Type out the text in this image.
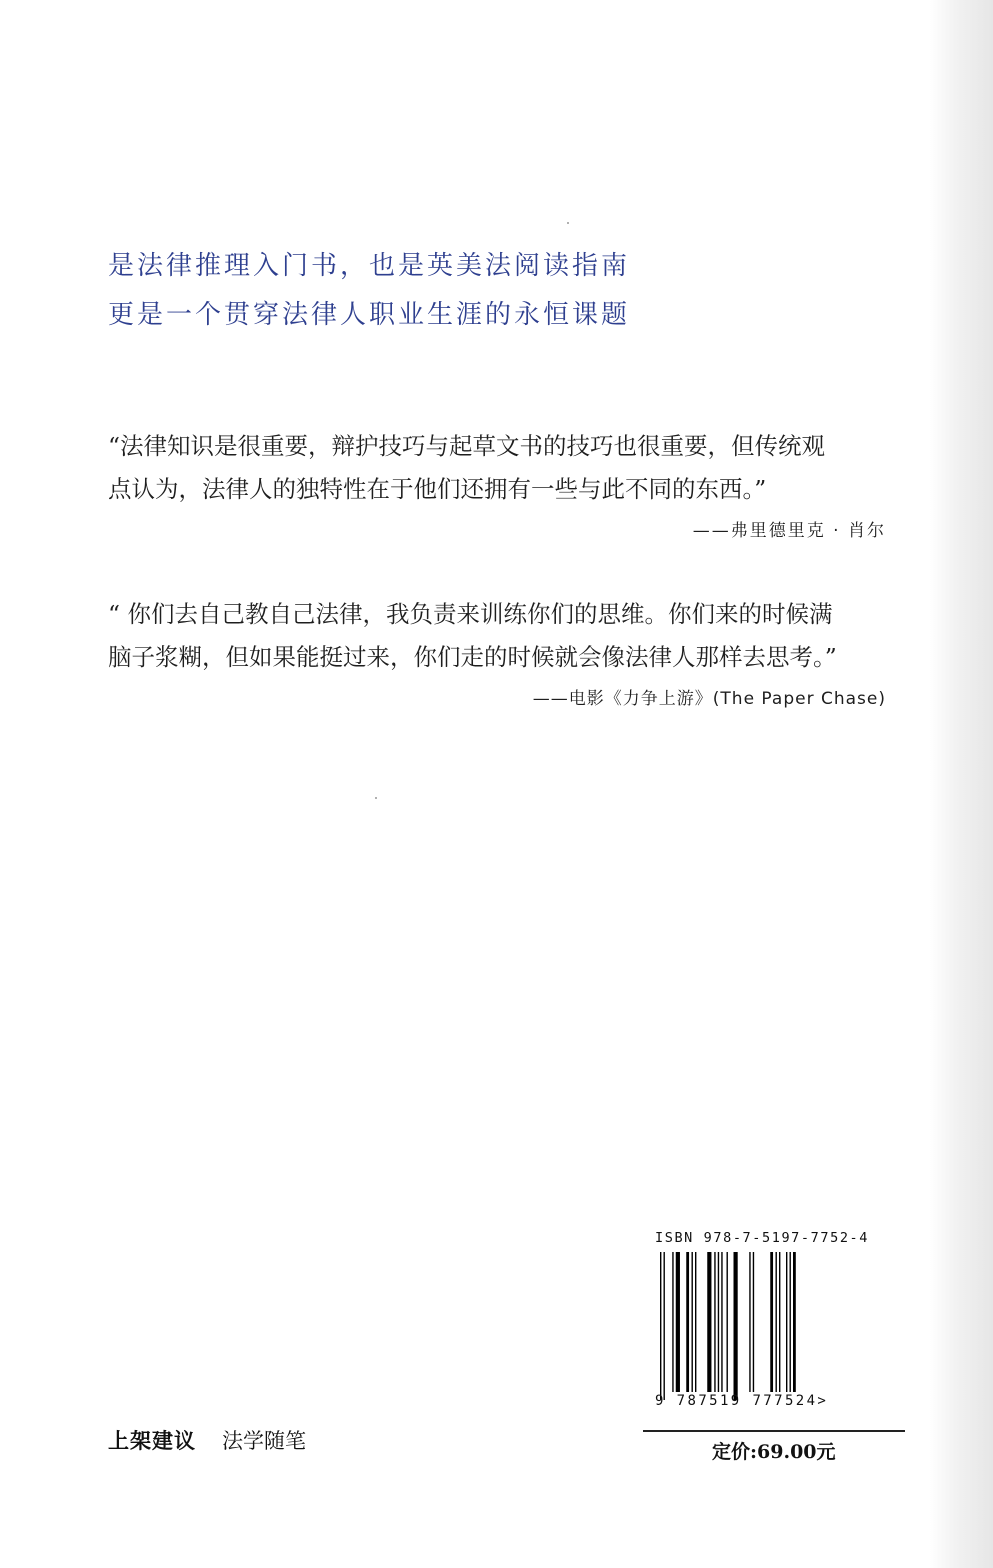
是法律推理入门书，也是英美法阅读指南
更是一个贯穿法律人职业生涯的永恒课题
“法律知识是很重要，辩护技巧与起草文书的技巧也很重要，但传统观
点认为，法律人的独特性在于他们还拥有一些与此不同的东西。”
——弗里德里克 · 肖尔
“ 你们去自己教自己法律，我负责来训练你们的思维。你们来的时候满
脑子浆糊，但如果能挺过来，你们走的时候就会像法律人那样去思考。”
——电影《力争上游》(The Paper Chase)
ISBN 978-7-5197-7752-4
9 787519 777524>
上架建议 法学随笔	定价:69.00元
